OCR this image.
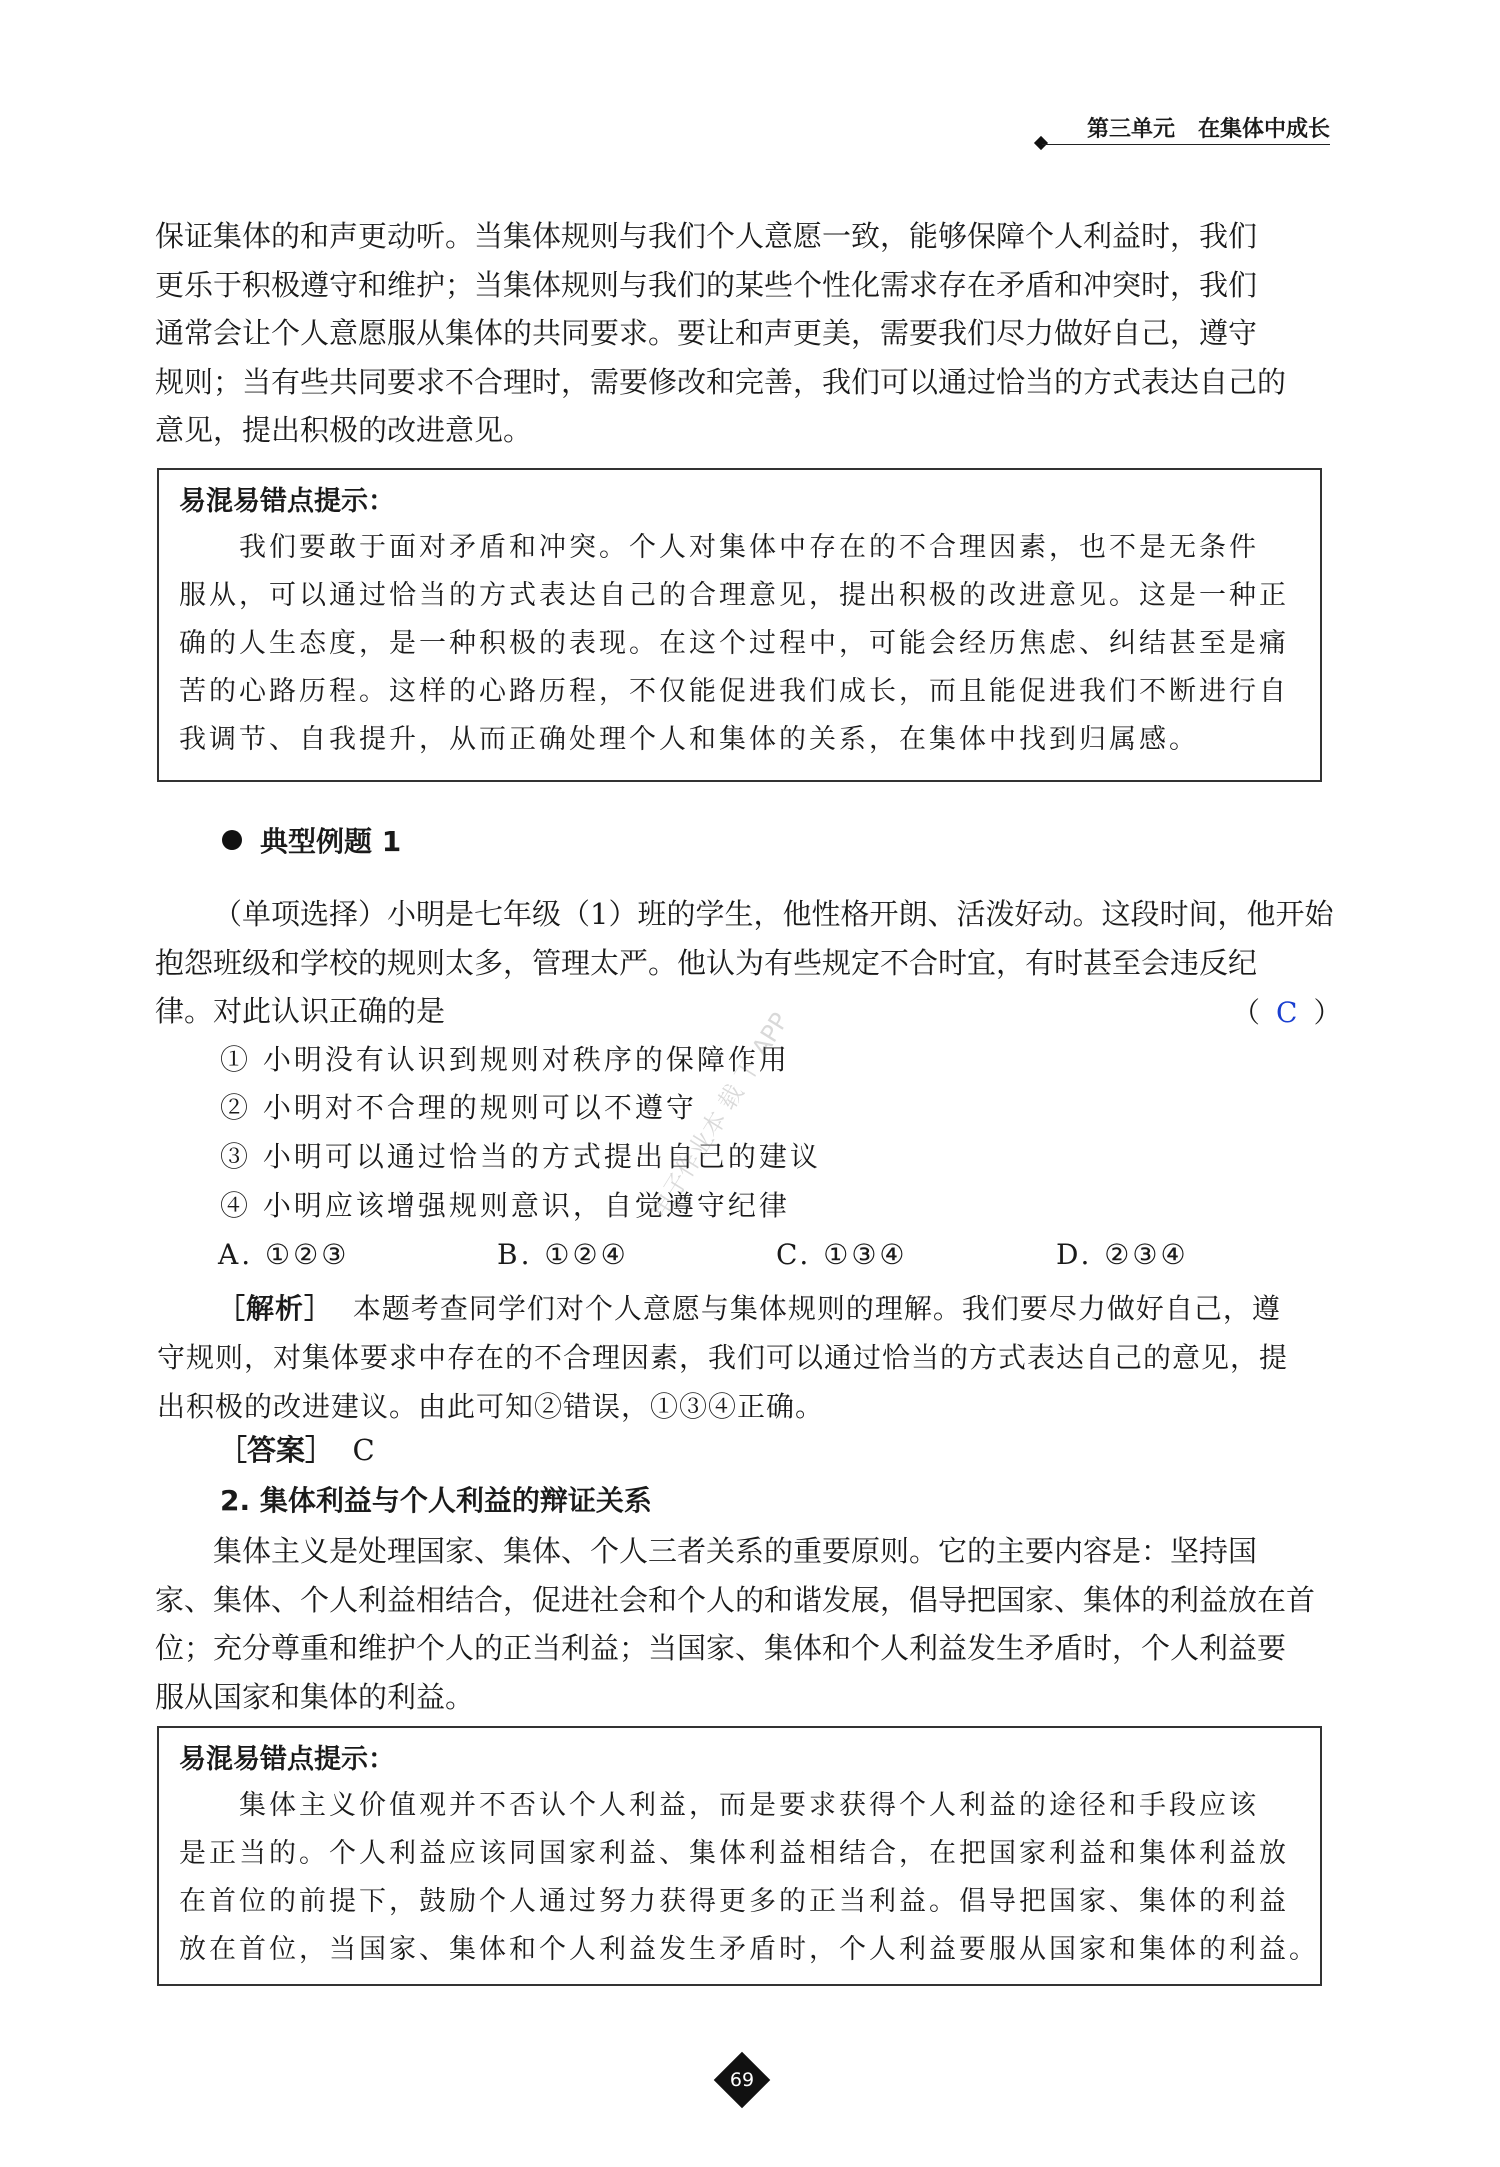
第三单元 在集体中成长
保证集体的和声更动听。当集体规则与我们个人意愿一致，能够保障个人利益时，我们
更乐于积极遵守和维护；当集体规则与我们的某些个性化需求存在矛盾和冲突时，我们
通常会让个人意愿服从集体的共同要求。要让和声更美，需要我们尽力做好自己，遵守
规则；当有些共同要求不合理时，需要修改和完善，我们可以通过恰当的方式表达自己的
意见，提出积极的改进意见。
易混易错点提示：
我们要敢于面对矛盾和冲突。个人对集体中存在的不合理因素，也不是无条件
服从，可以通过恰当的方式表达自己的合理意见，提出积极的改进意见。这是一种正
确的人生态度，是一种积极的表现。在这个过程中，可能会经历焦虑、纠结甚至是痛
苦的心路历程。这样的心路历程，不仅能促进我们成长，而且能促进我们不断进行自
我调节、自我提升，从而正确处理个人和集体的关系，在集体中找到归属感。
典型例题 1
（单项选择）小明是七年级（1）班的学生，他性格开朗、活泼好动。这段时间，他开始
抱怨班级和学校的规则太多，管理太严。他认为有些规定不合时宜，有时甚至会违反纪
律。对此认识正确的是	（ C ）
① 小明没有认识到规则对秩序的保障作用
② 小明对不合理的规则可以不遵守
③ 小明可以通过恰当的方式提出自己的建议
④ 小明应该增强规则意识，自觉遵守纪律
A. ①②③	B. ①②④	C. ①③④	D. ②③④
［解析］ 本题考查同学们对个人意愿与集体规则的理解。我们要尽力做好自己，遵
守规则，对集体要求中存在的不合理因素，我们可以通过恰当的方式表达自己的意见，提
出积极的改进建议。由此可知②错误，①③④正确。
［答案］ C
2. 集体利益与个人利益的辩证关系
集体主义是处理国家、集体、个人三者关系的重要原则。它的主要内容是：坚持国
家、集体、个人利益相结合，促进社会和个人的和谐发展，倡导把国家、集体的利益放在首
位；充分尊重和维护个人的正当利益；当国家、集体和个人利益发生矛盾时，个人利益要
服从国家和集体的利益。
易混易错点提示：
集体主义价值观并不否认个人利益，而是要求获得个人利益的途径和手段应该
是正当的。个人利益应该同国家利益、集体利益相结合，在把国家利益和集体利益放
在首位的前提下，鼓励个人通过努力获得更多的正当利益。倡导把国家、集体的利益
放在首位，当国家、集体和个人利益发生矛盾时，个人利益要服从国家和集体的利益。
电子作业本 载 下 APP
69
